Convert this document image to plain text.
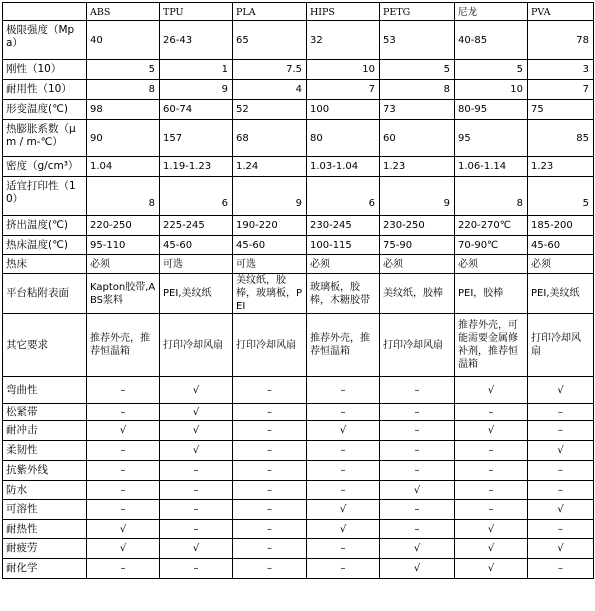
	ABS	TPU	PLA	HIPS	PETG	尼龙	PVA
极限强度（Mpa）	40	26-43	65	32	53	40-85	78
刚性（10）	5	1	7.5	10	5	5	3
耐用性（10）	8	9	4	7	8	10	7
形变温度(℃)	98	60-74	52	100	73	80-95	75
热膨胀系数（µm / m-℃）	90	157	68	80	60	95	85
密度（g/cm³）	1.04	1.19-1.23	1.24	1.03-1.04	1.23	1.06-1.14	1.23
适宜打印性（10）	8	6	9	6	9	8	5
挤出温度(℃)	220-250	225-245	190-220	230-245	230-250	220-270℃	185-200
热床温度(℃)	95-110	45-60	45-60	100-115	75-90	70-90℃	45-60
热床	必须	可选	可选	必须	必须	必须	必须
平台粘附表面	Kapton胶带,ABS浆料	PEI,美纹纸	美纹纸，胶棒，玻璃板，PEI	玻璃板，胶棒，木糖胶带	美纹纸，胶棒	PEI，胶棒	PEI,美纹纸
其它要求	推荐外壳，推荐恒温箱	打印冷却风扇	打印冷却风扇	推荐外壳，推荐恒温箱	打印冷却风扇	推荐外壳，可能需要金属修补剂，推荐恒温箱	打印冷却风扇
弯曲性	–	√	–	–	–	√	√
松紧带	–	√	–	–	–	–	–
耐冲击	√	√	–	√	–	√	–
柔韧性	–	√	–	–	–	–	√
抗紫外线	–	–	–	–	–	–	–
防水	–	–	–	–	√	–	–
可溶性	–	–	–	√	–	–	√
耐热性	√	–	–	√	–	√	–
耐疲劳	√	√	–	–	√	√	√
耐化学	–	–	–	–	√	√	–
